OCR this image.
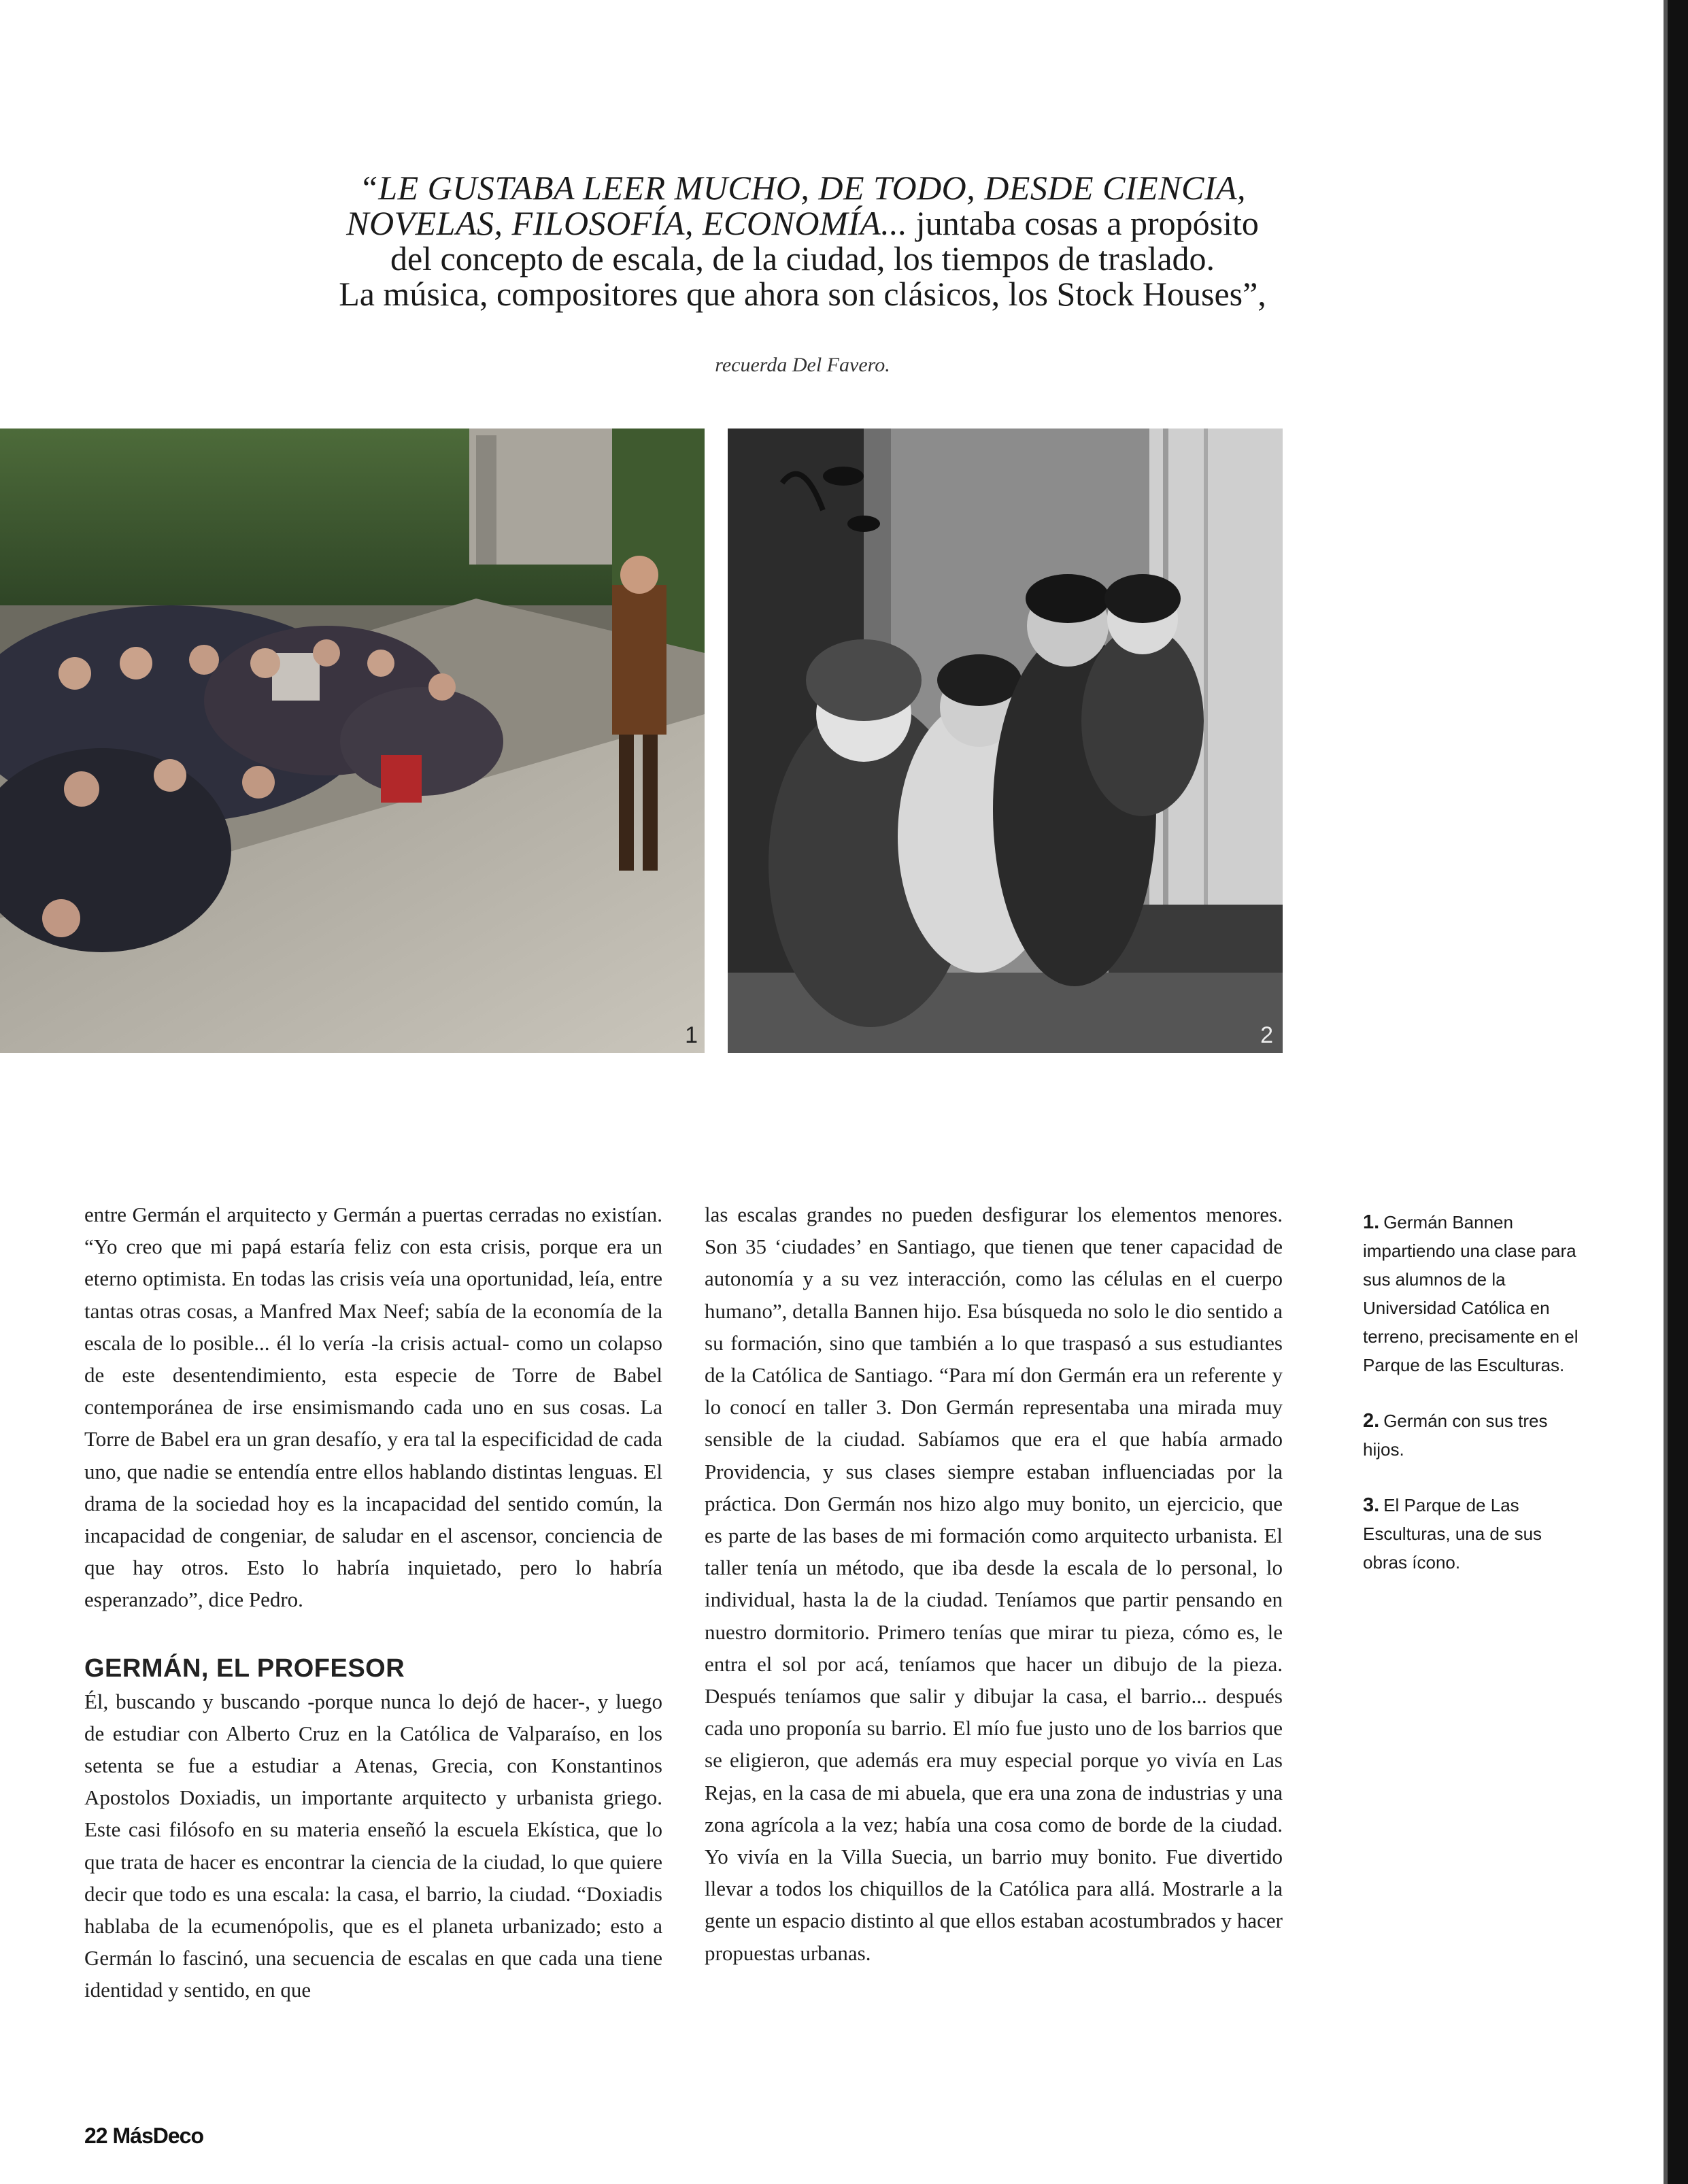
“LE GUSTABA LEER MUCHO, DE TODO, DESDE CIENCIA,

NOVELAS, FILOSOFÍA, ECONOMÍA... juntaba cosas a propósito

del concepto de escala, de la ciudad, los tiempos de traslado.

La música, compositores que ahora son clásicos, los Stock Houses”,

recuerda Del Favero.
1	2

entre Germán el arquitecto y Germán a puertas cerradas no existían. “Yo creo que mi papá estaría feliz con esta crisis, porque era un eterno optimista. En todas las crisis veía una oportunidad, leía, entre tantas otras cosas, a Manfred Max Neef; sabía de la economía de la escala de lo posible... él lo vería -la crisis actual- como un colapso de este desentendimiento, esta especie de Torre de Babel contemporánea de irse ensimismando cada uno en sus cosas. La Torre de Babel era un gran desafío, y era tal la especificidad de cada uno, que nadie se entendía entre ellos hablando distintas lenguas. El drama de la sociedad hoy es la incapacidad del sentido común, la incapacidad de congeniar, de saludar en el ascensor, conciencia de que hay otros. Esto lo habría inquietado, pero lo habría esperanzado”, dice Pedro.

GERMÁN, EL PROFESOR

Él, buscando y buscando -porque nunca lo dejó de hacer-, y luego de estudiar con Alberto Cruz en la Católica de Valparaíso, en los setenta se fue a estudiar a Atenas, Grecia, con Konstantinos Apostolos Doxiadis, un importante arquitecto y urbanista griego. Este casi filósofo en su materia enseñó la escuela Ekística, que lo que trata de hacer es encontrar la ciencia de la ciudad, lo que quiere decir que todo es una escala: la casa, el barrio, la ciudad. “Doxiadis hablaba de la ecumenópolis, que es el planeta urbanizado; esto a Germán lo fascinó, una secuencia de escalas en que cada una tiene identidad y sentido, en que

las escalas grandes no pueden desfigurar los elementos menores. Son 35 ‘ciudades’ en Santiago, que tienen que tener capacidad de autonomía y a su vez interacción, como las células en el cuerpo humano”, detalla Bannen hijo. Esa búsqueda no solo le dio sentido a su formación, sino que también a lo que traspasó a sus estudiantes de la Católica de Santiago. “Para mí don Germán era un referente y lo conocí en taller 3. Don Germán representaba una mirada muy sensible de la ciudad. Sabíamos que era el que había armado Providencia, y sus clases siempre estaban influenciadas por la práctica. Don Germán nos hizo algo muy bonito, un ejercicio, que es parte de las bases de mi formación como arquitecto urbanista. El taller tenía un método, que iba desde la escala de lo personal, lo individual, hasta la de la ciudad. Teníamos que partir pensando en nuestro dormitorio. Primero tenías que mirar tu pieza, cómo es, le entra el sol por acá, teníamos que hacer un dibujo de la pieza. Después teníamos que salir y dibujar la casa, el barrio... después cada uno proponía su barrio. El mío fue justo uno de los barrios que se eligieron, que además era muy especial porque yo vivía en Las Rejas, en la casa de mi abuela, que era una zona de industrias y una zona agrícola a la vez; había una cosa como de borde de la ciudad. Yo vivía en la Villa Suecia, un barrio muy bonito. Fue divertido llevar a todos los chiquillos de la Católica para allá. Mostrarle a la gente un espacio distinto al que ellos estaban acostumbrados y hacer propuestas urbanas.

1. Germán Bannen impartiendo una clase para sus alumnos de la Universidad Católica en terreno, precisamente en el Parque de las Esculturas.

2. Germán con sus tres hijos.

3. El Parque de Las Esculturas, una de sus obras ícono.

22 MásDeco
